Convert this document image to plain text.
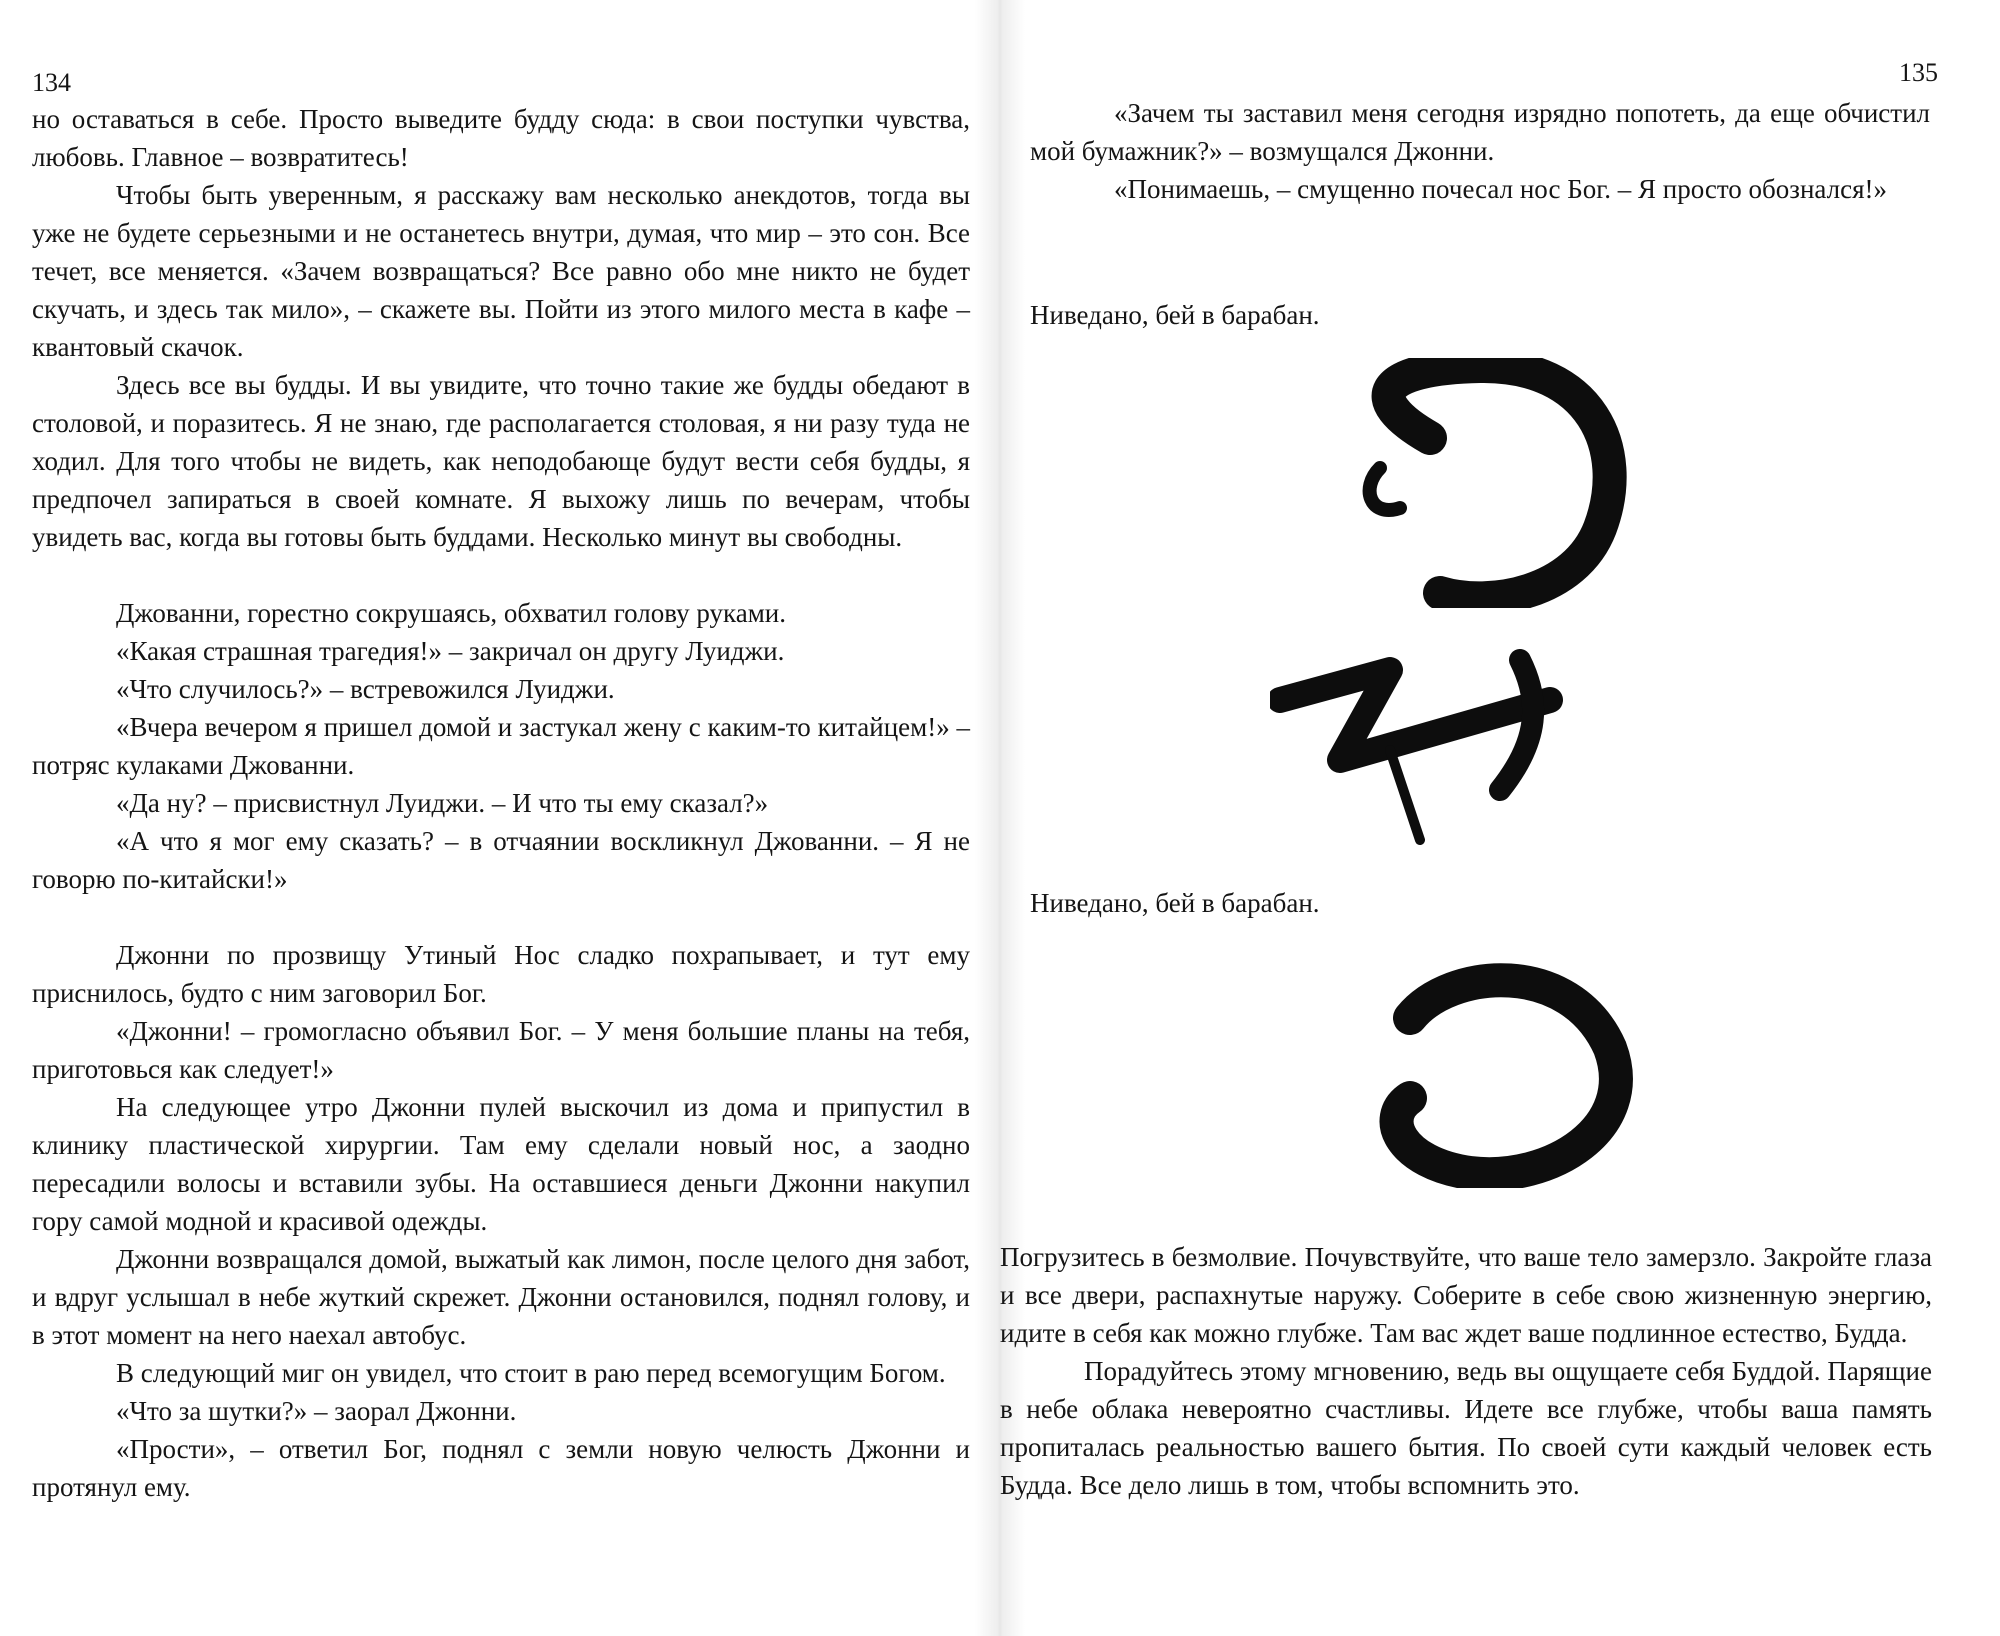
134

но оставаться в себе. Просто выведите будду сюда: в свои поступки чувства, любовь. Главное – возвратитесь!

Чтобы быть уверенным, я расскажу вам несколько анекдотов, тогда вы уже не будете серьезными и не останетесь внутри, думая, что мир – это сон. Все течет, все меняется. «Зачем возвращаться? Все равно обо мне никто не будет скучать, и здесь так мило», – скажете вы. Пойти из этого милого места в кафе – квантовый скачок.

Здесь все вы будды. И вы увидите, что точно такие же будды обедают в столовой, и поразитесь. Я не знаю, где располагается столовая, я ни разу туда не ходил. Для того чтобы не видеть, как неподобающе будут вести себя будды, я предпочел запираться в своей комнате. Я выхожу лишь по вечерам, чтобы увидеть вас, когда вы готовы быть буддами. Несколько минут вы свободны.

Джованни, горестно сокрушаясь, обхватил голову руками.

«Какая страшная трагедия!» – закричал он другу Луиджи.

«Что случилось?» – встревожился Луиджи.

«Вчера вечером я пришел домой и застукал жену с каким-то китайцем!» – потряс кулаками Джованни.

«Да ну? – присвистнул Луиджи. – И что ты ему сказал?»

«А что я мог ему сказать? – в отчаянии воскликнул Джованни. – Я не говорю по-китайски!»

Джонни по прозвищу Утиный Нос сладко похрапывает, и тут ему приснилось, будто с ним заговорил Бог.

«Джонни! – громогласно объявил Бог. – У меня большие планы на тебя, приготовься как следует!»

На следующее утро Джонни пулей выскочил из дома и припустил в клинику пластической хирургии. Там ему сделали новый нос, а заодно пересадили волосы и вставили зубы. На оставшиеся деньги Джонни накупил гору самой модной и красивой одежды.

Джонни возвращался домой, выжатый как лимон, после целого дня забот, и вдруг услышал в небе жуткий скрежет. Джонни остановился, поднял голову, и в этот момент на него наехал автобус.

В следующий миг он увидел, что стоит в раю перед всемогущим Богом.

«Что за шутки?» – заорал Джонни.

«Прости», – ответил Бог, поднял с земли новую челюсть Джонни и протянул ему.

135

«Зачем ты заставил меня сегодня изрядно попотеть, да еще обчистил мой бумажник?» – возмущался Джонни.

«Понимаешь, – смущенно почесал нос Бог. – Я просто обознался!»

Ниведано, бей в барабан.
Ниведано, бей в барабан.

Погрузитесь в безмолвие. Почувствуйте, что ваше тело замерзло. Закройте глаза и все двери, распахнутые наружу. Соберите в себе свою жизненную энергию, идите в себя как можно глубже. Там вас ждет ваше подлинное естество, Будда.

Порадуйтесь этому мгновению, ведь вы ощущаете себя Буддой. Парящие в небе облака невероятно счастливы. Идете все глубже, чтобы ваша память пропиталась реальностью вашего бытия. По своей сути каждый человек есть Будда. Все дело лишь в том, чтобы вспомнить это.
